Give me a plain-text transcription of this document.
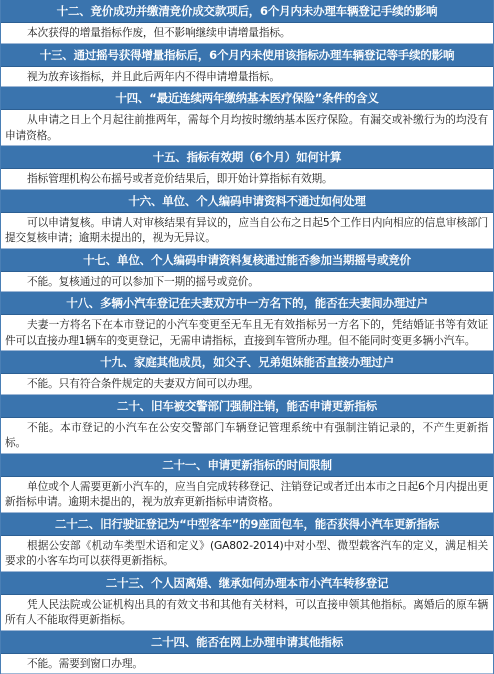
十二、竞价成功并缴清竞价成交款项后，6个月内未办理车辆登记手续的影响
本次获得的增量指标作废，但不影响继续申请增量指标。
十三、通过摇号获得增量指标后，6个月内未使用该指标办理车辆登记等手续的影响
视为放弃该指标，并且此后两年内不得申请增量指标。
十四、“最近连续两年缴纳基本医疗保险”条件的含义
从申请之日上个月起往前推两年，需每个月均按时缴纳基本医疗保险。有漏交或补缴行为的均没有申请资格。
十五、指标有效期（6个月）如何计算
指标管理机构公布摇号或者竞价结果后，即开始计算指标有效期。
十六、单位、个人编码申请资料不通过如何处理
可以申请复核。申请人对审核结果有异议的，应当自公布之日起5个工作日内向相应的信息审核部门提交复核申请；逾期未提出的，视为无异议。
十七、单位、个人编码申请资料复核通过能否参加当期摇号或竞价
不能。复核通过的可以参加下一期的摇号或竞价。
十八、多辆小汽车登记在夫妻双方中一方名下的，能否在夫妻间办理过户
夫妻一方将名下在本市登记的小汽车变更至无车且无有效指标另一方名下的，凭结婚证书等有效证件可以直接办理1辆车的变更登记，无需申请指标，直接到车管所办理。但不能同时变更多辆小汽车。
十九、家庭其他成员，如父子、兄弟姐妹能否直接办理过户
不能。只有符合条件规定的夫妻双方间可以办理。
二十、旧车被交警部门强制注销，能否申请更新指标
不能。本市登记的小汽车在公安交警部门车辆登记管理系统中有强制注销记录的，不产生更新指标。
二十一、申请更新指标的时间限制
单位或个人需要更新小汽车的，应当自完成转移登记、注销登记或者迁出本市之日起6个月内提出更新指标申请。逾期未提出的，视为放弃更新指标申请资格。
二十二、旧行驶证登记为“中型客车”的9座面包车，能否获得小汽车更新指标
根据公安部《机动车类型术语和定义》(GA802-2014)中对小型、微型载客汽车的定义，满足相关要求的小客车均可以获得更新指标。
二十三、个人因离婚、继承如何办理本市小汽车转移登记
凭人民法院或公证机构出具的有效文书和其他有关材料，可以直接申领其他指标。离婚后的原车辆所有人不能取得更新指标。
二十四、能否在网上办理申请其他指标
不能。需要到窗口办理。
